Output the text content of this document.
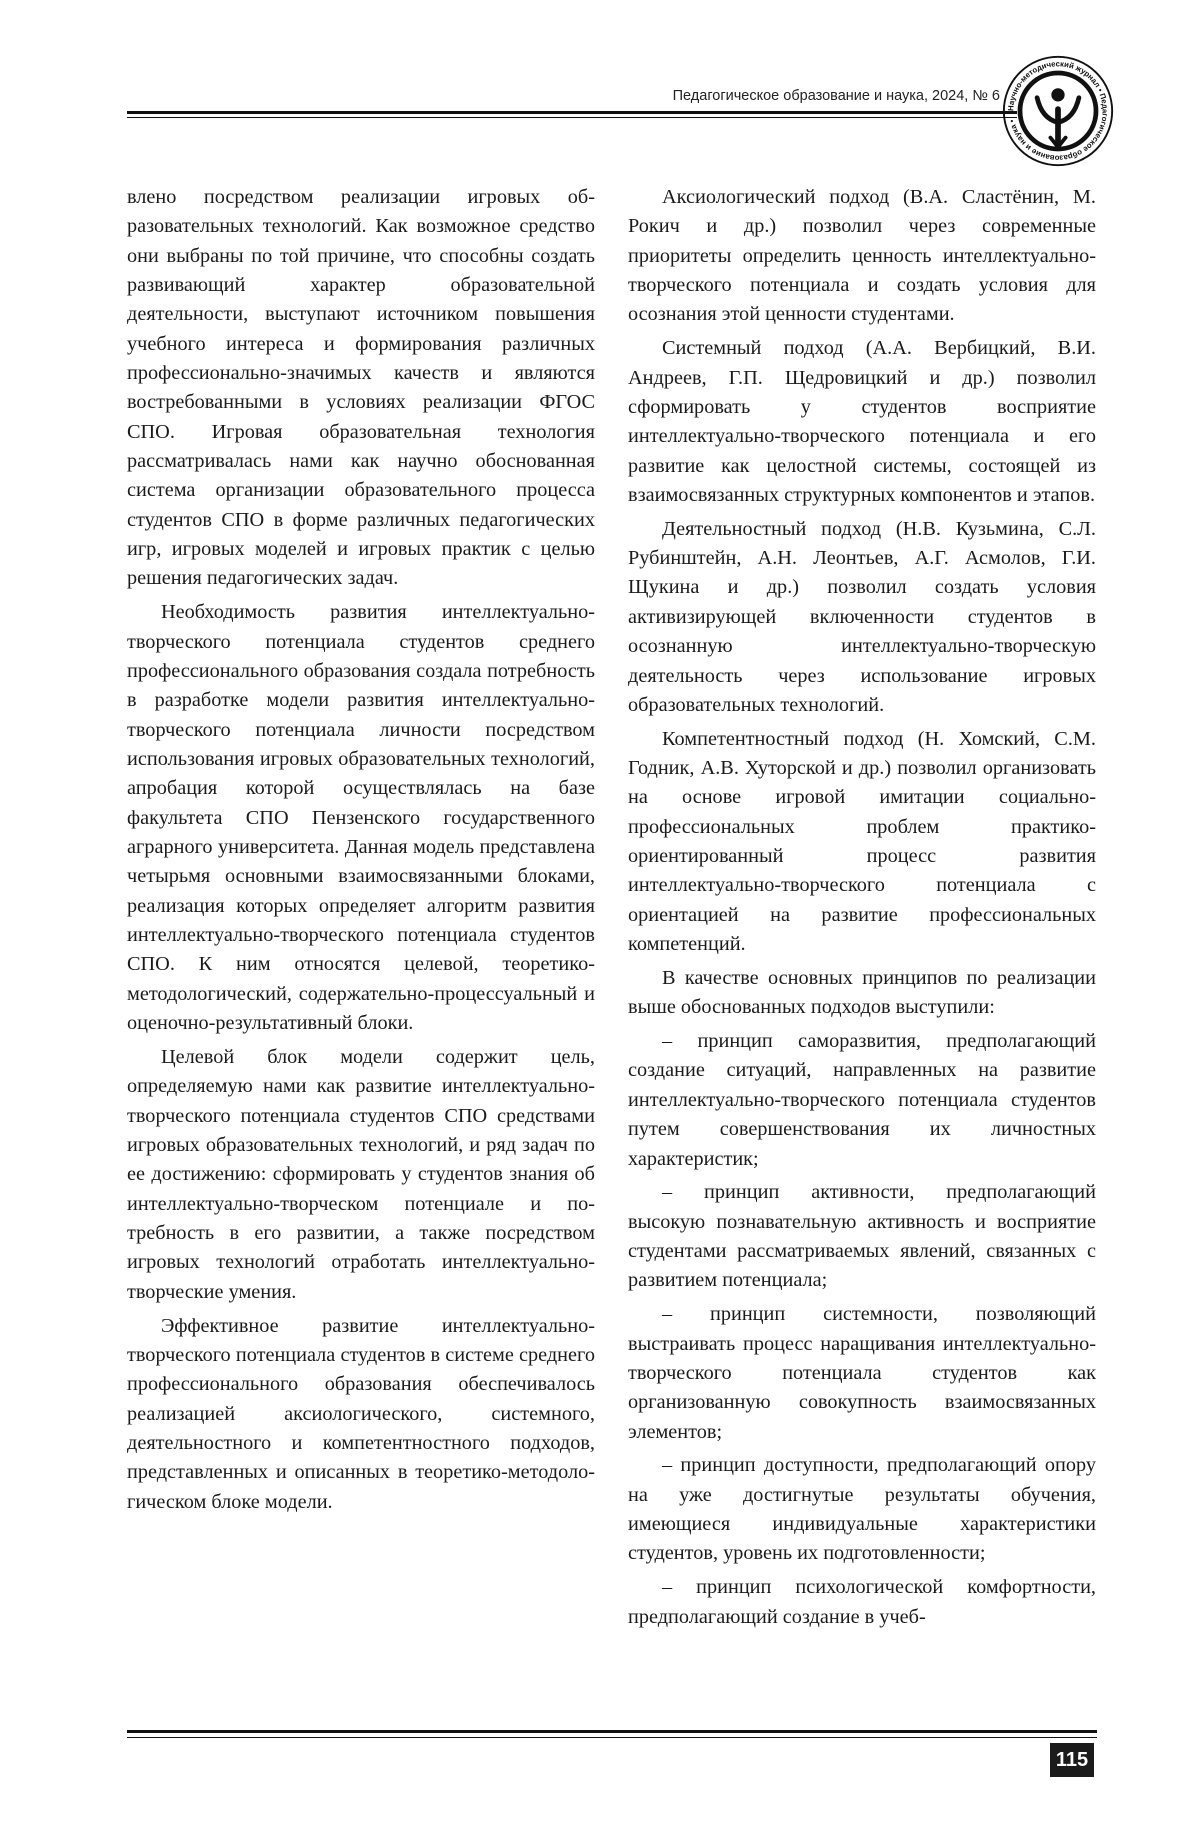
Педагогическое образование и наука, 2024, № 6
Научно-методический журнал • Педагогическое образование и наука •

влено посредством реализации игровых образовательных технологий. Как возможное средство они выбраны по той причине, что способны создать развивающий характер образовательной деятельности, выступают источником повышения учебного интереса и формирования различных профессионально-значимых качеств и являются востребованными в условиях реализации ФГОС СПО. Игровая образовательная технология рассматривалась нами как научно обоснованная система организации образовательного процесса студентов СПО в форме различных педагогических игр, игровых моделей и игровых практик с целью решения педагогических задач.

Необходимость развития интеллектуально-творческого потенциала студентов среднего профессионального образования создала потребность в разработке модели развития интеллектуально-творческого потенциала личности посредством использования игровых образовательных технологий, апробация которой осуществлялась на базе факультета СПО Пензенского государственного аграрного университета. Данная модель представлена четырьмя основными взаимосвязанными блоками, реализация которых определяет алгоритм развития интеллектуально-творческого потенциала студентов СПО. К ним относятся целевой, теоретико-методологический, содержательно-процессуальный и оценочно-результативный блоки.

Целевой блок модели содержит цель, определяемую нами как развитие интеллектуально-творческого потенциала студентов СПО средствами игровых образовательных технологий, и ряд задач по ее достижению: сформировать у студентов знания об интеллектуально-творческом потенциале и потребность в его развитии, а также посредством игровых технологий отработать интеллектуально-творческие умения.

Эффективное развитие интеллектуально-творческого потенциала студентов в системе среднего профессионального образования обеспечивалось реализацией аксиологического, системного, деятельностного и компетентностного подходов, представленных и описанных в теоретико-методологическом блоке модели.

Аксиологический подход (В.А. Сластёнин, М. Рокич и др.) позволил через современные приоритеты определить ценность интеллектуально-творческого потенциала и создать условия для осознания этой ценности студентами.

Системный подход (А.А. Вербицкий, В.И. Андреев, Г.П. Щедровицкий и др.) позволил сформировать у студентов восприятие интеллектуально-творческого потенциала и его развитие как целостной системы, состоящей из взаимосвязанных структурных компонентов и этапов.

Деятельностный подход (Н.В. Кузьмина, С.Л. Рубинштейн, А.Н. Леонтьев, А.Г. Асмолов, Г.И. Щукина и др.) позволил создать условия активизирующей включенности студентов в осознанную интеллектуально-творческую деятельность через использование игровых образовательных технологий.

Компетентностный подход (Н. Хомский, С.М. Годник, А.В. Хуторской и др.) позволил организовать на основе игровой имитации социально-профессиональных проблем практико-ориентированный процесс развития интеллектуально-творческого потенциала с ориентацией на развитие профессиональных компетенций.

В качестве основных принципов по реализации выше обоснованных подходов выступили:

– принцип саморазвития, предполагающий создание ситуаций, направленных на развитие интеллектуально-творческого потенциала студентов путем совершенствования их личностных характеристик;

– принцип активности, предполагающий высокую познавательную активность и восприятие студентами рассматриваемых явлений, связанных с развитием потенциала;

– принцип системности, позволяющий выстраивать процесс наращивания интеллектуально-творческого потенциала студентов как организованную совокупность взаимосвязанных элементов;

– принцип доступности, предполагающий опору на уже достигнутые результаты обучения, имеющиеся индивидуальные характеристики студентов, уровень их подготовленности;

– принцип психологической комфортности, предполагающий создание в учеб-

115
